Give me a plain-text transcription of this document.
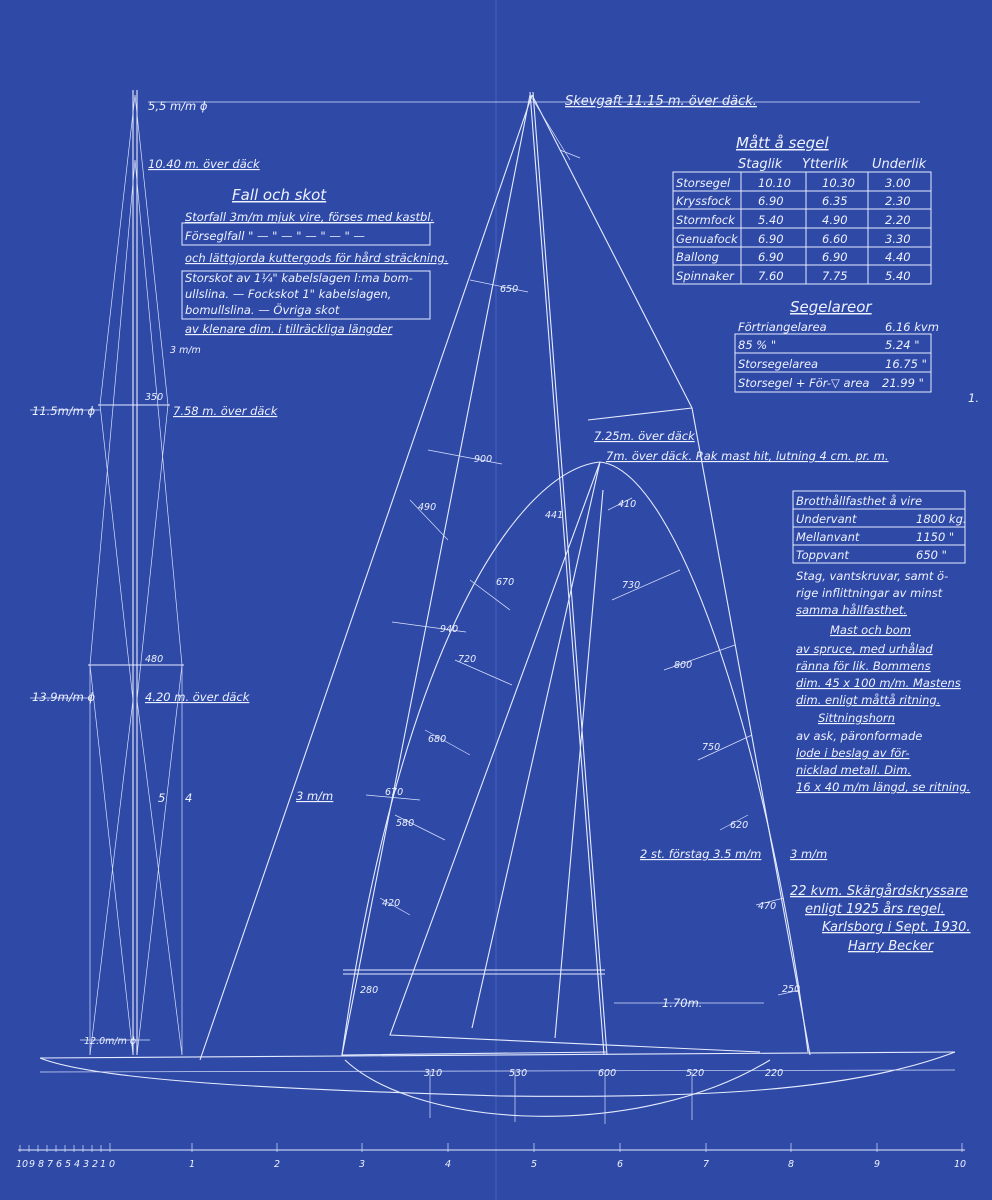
5,5 m/m ϕ
10.40 m. över däck
3 m/m
350
11.5m/m ϕ	7.58 m. över däck
480
13.9m/m ϕ	4.20 m. över däck
5 4
12.0m/m ϕ
Fall och skot
Storfall 3m/m mjuk vire, förses med kastbl.
Förseglfall " — " — " — " — " —
och lättgjorda kuttergods för hård sträckning.
Storskot av 1¼" kabelslagen l:ma bom-
ullslina. — Fockskot 1" kabelslagen,
bomullslina. — Övriga skot
av klenare dim. i tillräckliga längder
650
900
490
940
720
680
670
580
420
280
410
441
670	730
800
750
620
470
250
7.25m. över däck
7m. över däck. Rak mast hit, lutning 4 cm. pr. m.
2 st. förstag 3.5 m/m 3 m/m
3 m/m
1.70m.
310	530	600	520	220
Skevgaft 11.15 m. över däck.
Mått å segel
Staglik Ytterlik Underlik
Storsegel 10.10	10.30	3.00
Kryssfock 6.90	6.35	2.30
Stormfock 5.40	4.90	2.20
Genuafock 6.90	6.60	3.30
Ballong	6.90	6.90	4.40
Spinnaker 7.60	7.75	5.40
Segelareor
Förtriangelarea	6.16 kvm
85 % "	5.24 "
Storsegelarea	16.75 "
Storsegel + För-▽ area 21.99 "
1.
Brotthållfasthet å vire
Undervant	1800 kg.
Mellanvant	1150 "
Toppvant	650 "
Stag, vantskruvar, samt ö-
rige inflittningar av minst
samma hållfasthet.
Mast och bom
av spruce, med urhålad
ränna för lik. Bommens
dim. 45 x 100 m/m. Mastens
dim. enligt måttå ritning.
Sittningshorn
av ask, päronformade
lode i beslag av för-
nicklad metall. Dim.
16 x 40 m/m längd, se ritning.
22 kvm. Skärgårdskryssare
enligt 1925 års regel.
Karlsborg i Sept. 1930.
Harry Becker
10 9 8 7 6 5 4 3 2 1 0	1	2	3	4	5	6	7	8	9	10
